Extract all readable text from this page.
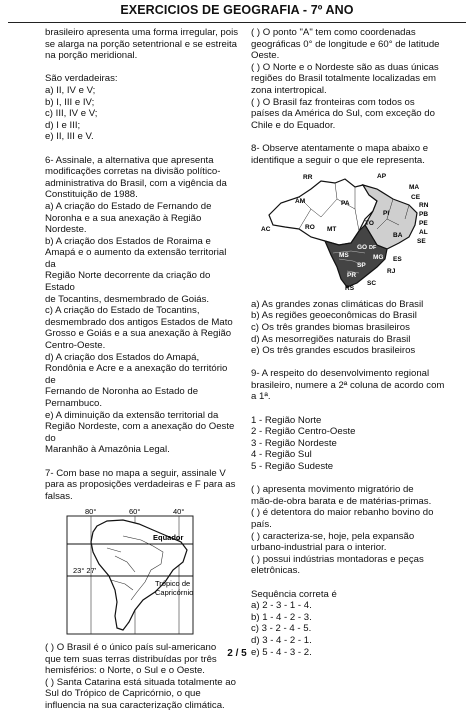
EXERCICIOS DE GEOGRAFIA - 7º ANO

brasileiro apresenta uma forma irregular, pois

se alarga na porção setentrional e se estreita

na porção meridional.

São verdadeiras:

a) II, IV e V;

b) I, III e IV;

c) III, IV e V;

d) I e III;

e) II, III e V.

6- Assinale, a alternativa que apresenta

modificações corretas na divisão político-

administrativa do Brasil, com a vigência da

Constituição de 1988.

a) A criação do Estado de Fernando de

Noronha e a sua anexação à Região Nordeste.

b) A criação dos Estados de Roraima e

Amapá e o aumento da extensão territorial da

Região Norte decorrente da criação do Estado

de Tocantins, desmembrado de Goiás.

c) A criação do Estado de Tocantins,

desmembrado dos antigos Estados de Mato

Grosso e Goiás e a sua anexação à Região

Centro-Oeste.

d) A criação dos Estados do Amapá,

Rondônia e Acre e a anexação do território de

Fernando de Noronha ao Estado de

Pernambuco.

e) A diminuição da extensão territorial da

Região Nordeste, com a anexação do Oeste do

Maranhão à Amazônia Legal.

7- Com base no mapa a seguir, assinale V

para as proposições verdadeiras e F para as

falsas.

80°	60°	40°
Equador
23° 27'
Trópico de
Capricórnio

( ) O Brasil é o único país sul-americano

que tem suas terras distribuídas por três

hemisférios: o Norte, o Sul e o Oeste.

( ) Santa Catarina está situada totalmente ao

Sul do Trópico de Capricórnio, o que

influencia na sua caracterização climática.

( ) O ponto "A" tem como coordenadas

geográficas 0° de longitude e 60° de latitude

Oeste.

( ) O Norte e o Nordeste são as duas únicas

regiões do Brasil totalmente localizadas em

zona intertropical.

( ) O Brasil faz fronteiras com todos os

países da América do Sul, com exceção do

Chile e do Equador.

8- Observe atentamente o mapa abaixo e

identifique a seguir o que ele representa.

RR	AP
AM	PA
MA
CE
RN
PB
PE
AL
SE
BA
AC	RO
TO
PI
MT
GO DF
MG ES
MS
SP
RJ
PR
SC
RS

a) As grandes zonas climáticas do Brasil

b) As regiões geoeconômicas do Brasil

c) Os três grandes biomas brasileiros

d) As mesorregiões naturais do Brasil

e) Os três grandes escudos brasileiros

9- A respeito do desenvolvimento regional

brasileiro, numere a 2ª coluna de acordo com

a 1ª.

1 - Região Norte

2 - Região Centro-Oeste

3 - Região Nordeste

4 - Região Sul

5 - Região Sudeste

( ) apresenta movimento migratório de

mão-de-obra barata e de matérias-primas.

( ) é detentora do maior rebanho bovino do

país.

( ) caracteriza-se, hoje, pela expansão

urbano-industrial para o interior.

( ) possui indústrias montadoras e peças

eletrônicas.

Sequência correta é

a) 2 - 3 - 1 - 4.

b) 1 - 4 - 2 - 3.

c) 3 - 2 - 4 - 5.

d) 3 - 4 - 2 - 1.

e) 5 - 4 - 3 - 2.

2 / 5
